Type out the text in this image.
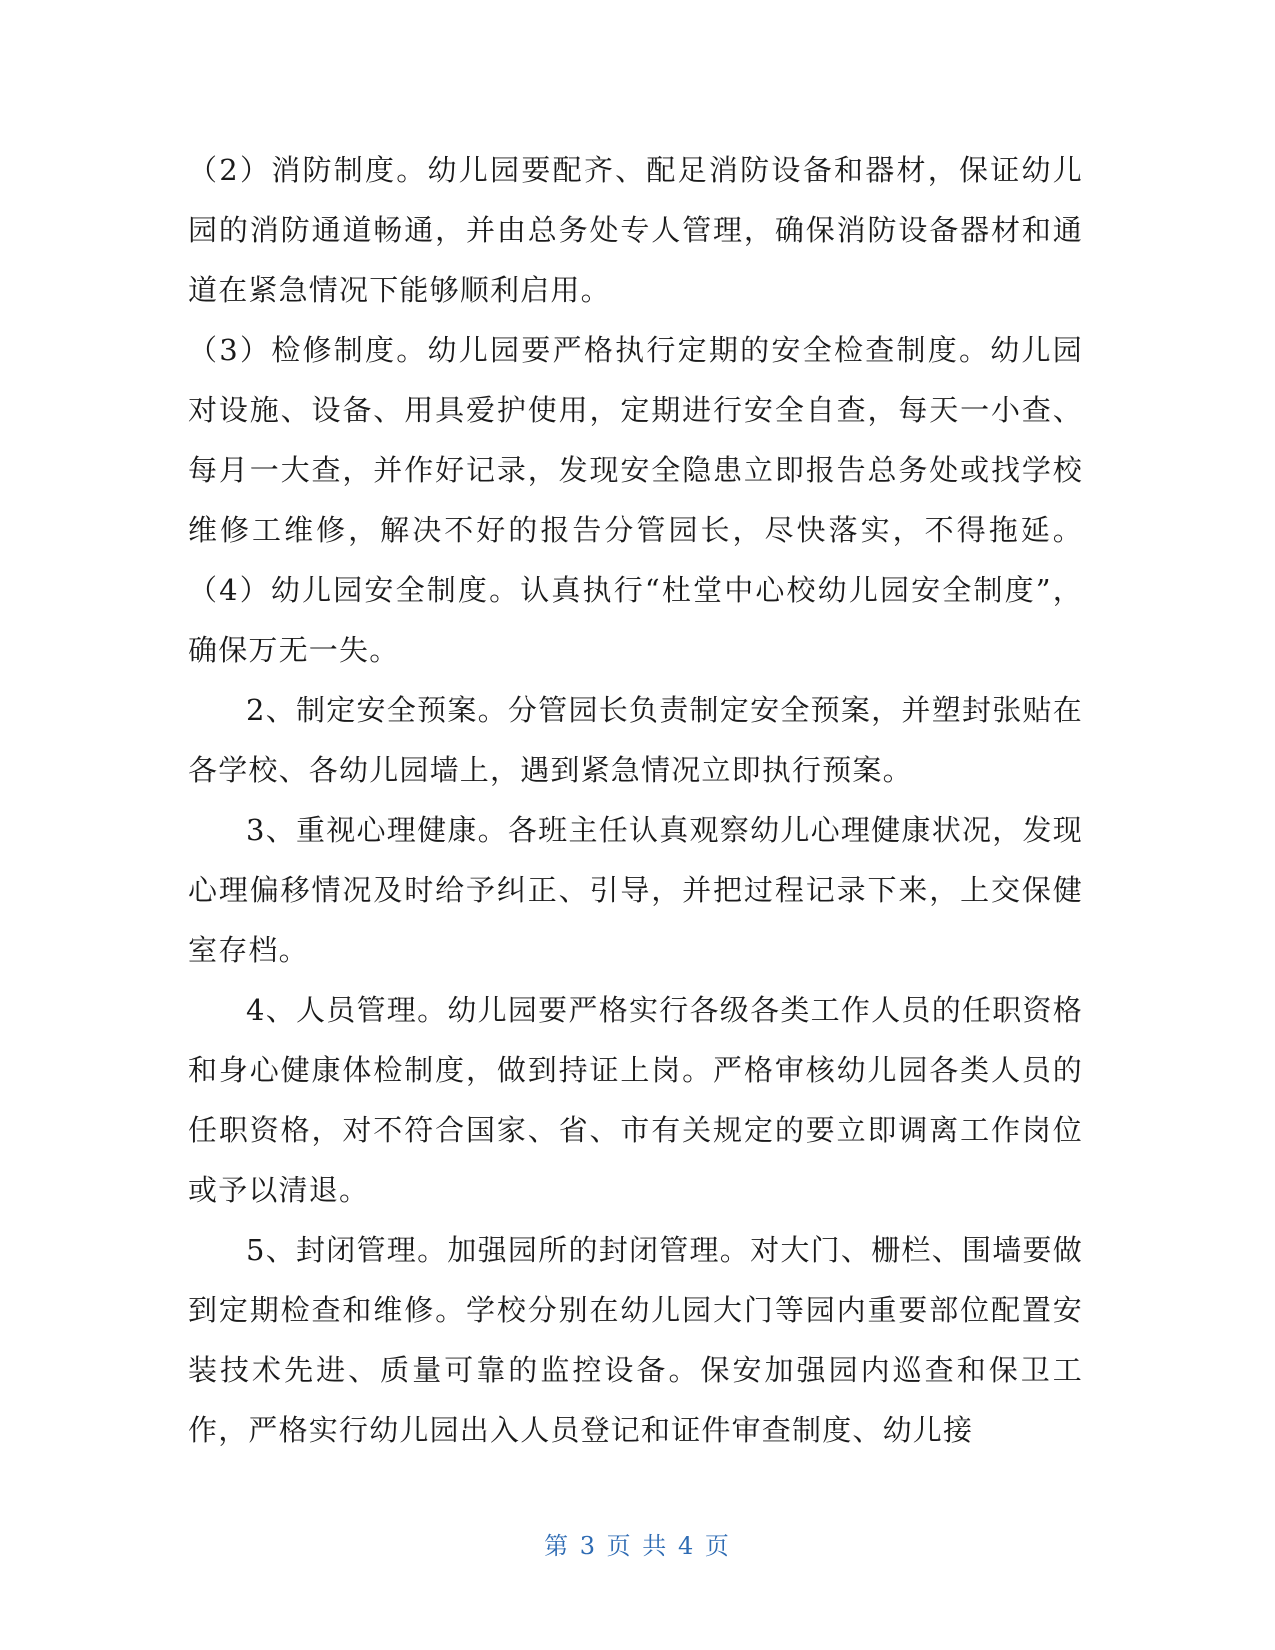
（2）消防制度。幼儿园要配齐、配足消防设备和器材，保证幼儿园的消防通道畅通，并由总务处专人管理，确保消防设备器材和通道在紧急情况下能够顺利启用。

（3）检修制度。幼儿园要严格执行定期的安全检查制度。幼儿园对设施、设备、用具爱护使用，定期进行安全自查，每天一小查、每月一大查，并作好记录，发现安全隐患立即报告总务处或找学校维修工维修，解决不好的报告分管园长，尽快落实，不得拖延。（4）幼儿园安全制度。认真执行“杜堂中心校幼儿园安全制度”，确保万无一失。

2、制定安全预案。分管园长负责制定安全预案，并塑封张贴在各学校、各幼儿园墙上，遇到紧急情况立即执行预案。

3、重视心理健康。各班主任认真观察幼儿心理健康状况，发现心理偏移情况及时给予纠正、引导，并把过程记录下来，上交保健室存档。

4、人员管理。幼儿园要严格实行各级各类工作人员的任职资格和身心健康体检制度，做到持证上岗。严格审核幼儿园各类人员的任职资格，对不符合国家、省、市有关规定的要立即调离工作岗位或予以清退。

5、封闭管理。加强园所的封闭管理。对大门、栅栏、围墙要做到定期检查和维修。学校分别在幼儿园大门等园内重要部位配置安装技术先进、质量可靠的监控设备。保安加强园内巡查和保卫工作，严格实行幼儿园出入人员登记和证件审查制度、幼儿接

第 3 页 共 4 页
